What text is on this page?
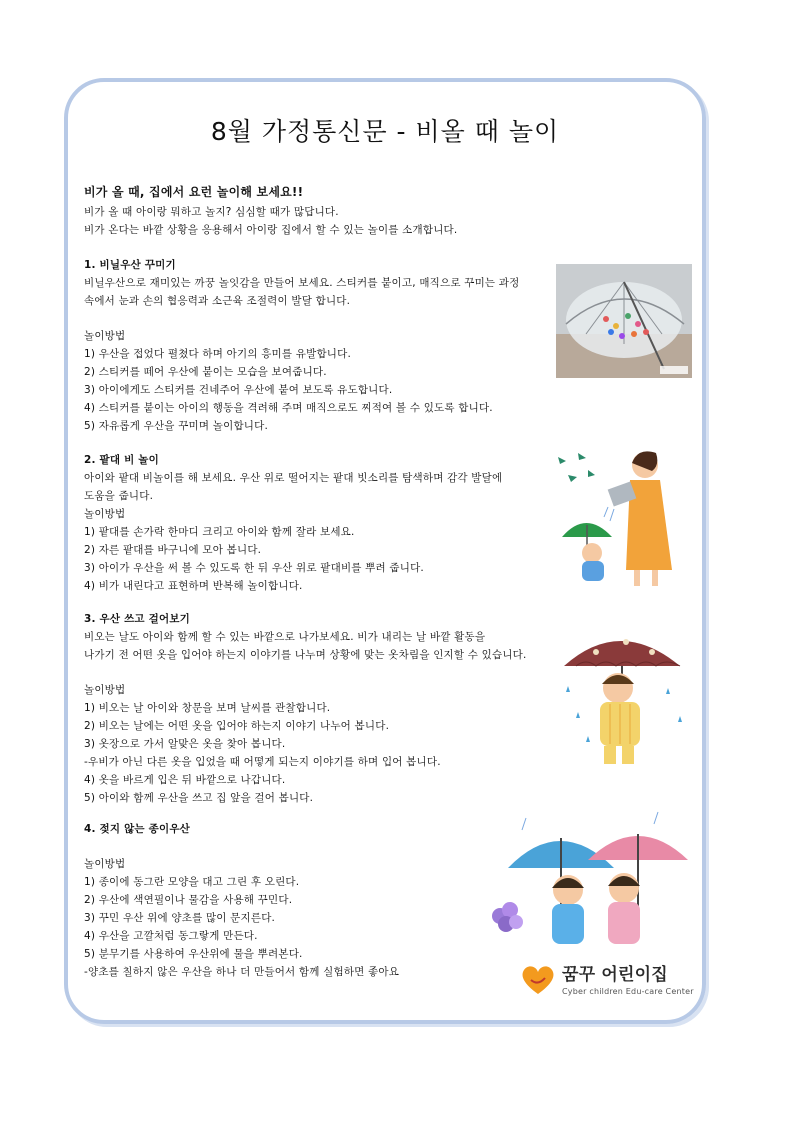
8월 가정통신문 - 비올 때 놀이
비가 올 때, 집에서 요런 놀이해 보세요!!
비가 올 때 아이랑 뭐하고 놀지? 심심할 때가 많답니다.
비가 온다는 바깥 상황을 응용해서 아이랑 집에서 할 수 있는 놀이를 소개합니다.
1. 비닐우산 꾸미기
비닐우산으로 재미있는 까꿍 놀잇감을 만들어 보세요. 스티커를 붙이고, 매직으로 꾸미는 과정
속에서 눈과 손의 협응력과 소근육 조절력이 발달 합니다.
놀이방법
1) 우산을 접었다 펼쳤다 하며 아기의 흥미를 유발합니다.
2) 스티커를 떼어 우산에 붙이는 모습을 보여줍니다.
3) 아이에게도 스티커를 건네주어 우산에 붙여 보도록 유도합니다.
4) 스티커를 붙이는 아이의 행동을 격려해 주며 매직으로도 찌적여 볼 수 있도록 합니다.
5) 자유롭게 우산을 꾸미며 놀이합니다.
2. 팥대 비 놀이
아이와 팥대 비놀이를 해 보세요. 우산 위로 떨어지는 팥대 빗소리를 탐색하며 감각 발달에
도움을 줍니다.
놀이방법
1) 팥대를 손가락 한마디 크리고 아이와 함께 잘라 보세요.
2) 자른 팥대를 바구니에 모아 봅니다.
3) 아이가 우산을 써 볼 수 있도록 한 뒤 우산 위로 팥대비를 뿌려 줍니다.
4) 비가 내린다고 표현하며 반복해 놀이합니다.
3. 우산 쓰고 걸어보기
비오는 날도 아이와 함께 할 수 있는 바깥으로 나가보세요. 비가 내리는 날 바깥 활동을
나가기 전 어떤 옷을 입어야 하는지 이야기를 나누며 상황에 맞는 옷차림을 인지할 수 있습니다.
놀이방법
1) 비오는 날 아이와 창문을 보며 날씨를 관찰합니다.
2) 비오는 날에는 어떤 옷을 입어야 하는지 이야기 나누어 봅니다.
3) 옷장으로 가서 알맞은 옷을 찾아 봅니다.
-우비가 아닌 다른 옷을 입었을 때 어떻게 되는지 이야기를 하며 입어 봅니다.
4) 옷을 바르게 입은 뒤 바깥으로 나갑니다.
5) 아이와 함께 우산을 쓰고 집 앞을 걸어 봅니다.
4. 젖지 않는 종이우산
놀이방법
1) 종이에 동그란 모양을 대고 그린 후 오린다.
2) 우산에 색연필이나 물감을 사용해 꾸민다.
3) 꾸민 우산 위에 양초를 많이 문지른다.
4) 우산을 고깔처럼 동그랗게 만든다.
5) 분무기를 사용하여 우산위에 물을 뿌려본다.
-양초를 칠하지 않은 우산을 하나 더 만들어서 함께 실험하면 좋아요	꿈꾸 어린이집
Cyber children Edu-care Center
